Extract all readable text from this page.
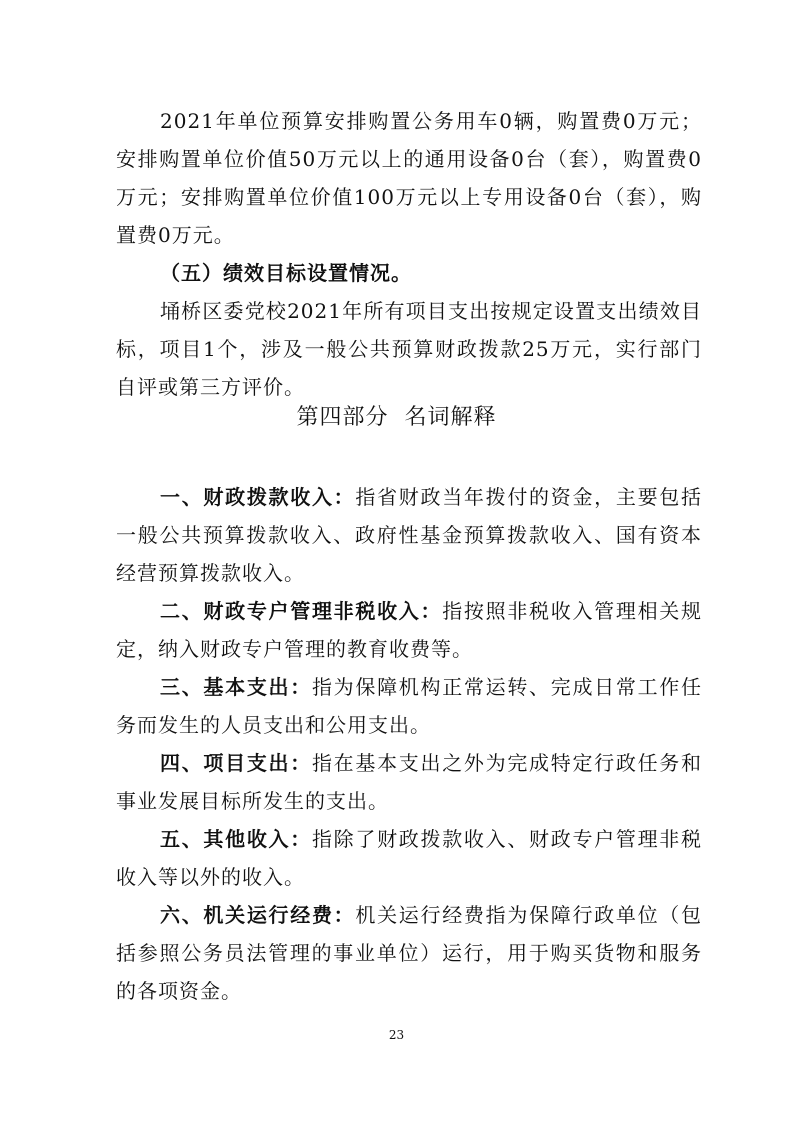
2021年单位预算安排购置公务用车0辆，购置费0万元；安排购置单位价值50万元以上的通用设备0台（套），购置费0万元；安排购置单位价值100万元以上专用设备0台（套），购置费0万元。

（五）绩效目标设置情况。

埇桥区委党校2021年所有项目支出按规定设置支出绩效目标，项目1个，涉及一般公共预算财政拨款25万元，实行部门自评或第三方评价。

第四部分  名词解释

一、财政拨款收入：指省财政当年拨付的资金，主要包括一般公共预算拨款收入、政府性基金预算拨款收入、国有资本经营预算拨款收入。

二、财政专户管理非税收入：指按照非税收入管理相关规定，纳入财政专户管理的教育收费等。

三、基本支出：指为保障机构正常运转、完成日常工作任务而发生的人员支出和公用支出。

四、项目支出：指在基本支出之外为完成特定行政任务和事业发展目标所发生的支出。

五、其他收入：指除了财政拨款收入、财政专户管理非税收入等以外的收入。

六、机关运行经费：机关运行经费指为保障行政单位（包括参照公务员法管理的事业单位）运行，用于购买货物和服务的各项资金。

23
